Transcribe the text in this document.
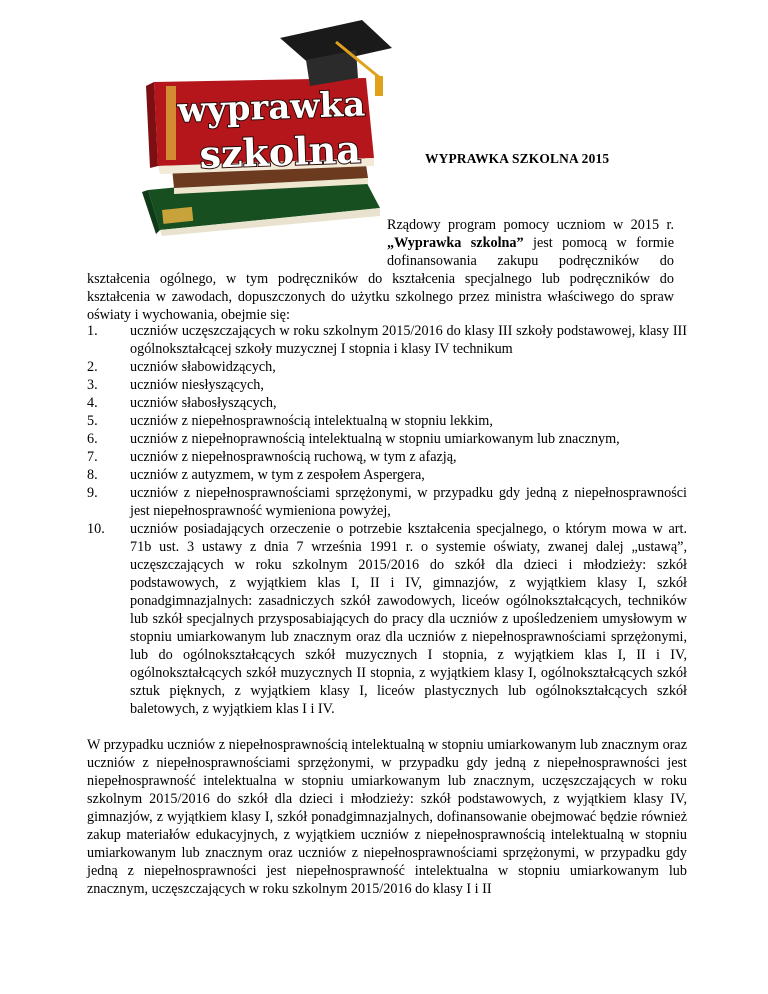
wyprawka
szkolna	WYPRAWKA SZKOLNA 2015

Rządowy program pomocy uczniom w 2015 r. „Wyprawka szkolna” jest pomocą w formie dofinansowania zakupu podręczników do kształcenia ogólnego, w tym podręczników do kształcenia specjalnego lub podręczników do kształcenia w zawodach, dopuszczonych do użytku szkolnego przez ministra właściwego do spraw oświaty i wychowania, obejmie się:

1.	uczniów uczęszczających w roku szkolnym 2015/2016 do klasy III szkoły podstawowej, klasy III ogólnokształcącej szkoły muzycznej I stopnia i klasy IV technikum
2.	uczniów słabowidzących,
3.	uczniów niesłyszących,
4.	uczniów słabosłyszących,
5.	uczniów z niepełnosprawnością intelektualną w stopniu lekkim,
6.	uczniów z niepełnoprawnością intelektualną w stopniu umiarkowanym lub znacznym,
7.	uczniów z niepełnosprawnością ruchową, w tym z afazją,
8.	uczniów z autyzmem, w tym z zespołem Aspergera,
9.	uczniów z niepełnosprawnościami sprzężonymi, w przypadku gdy jedną z niepełnosprawności jest niepełnosprawność wymieniona powyżej,
10.	uczniów posiadających orzeczenie o potrzebie kształcenia specjalnego, o którym mowa w art. 71b ust. 3 ustawy z dnia 7 września 1991 r. o systemie oświaty, zwanej dalej „ustawą”, uczęszczających w roku szkolnym 2015/2016 do szkół dla dzieci i młodzieży: szkół podstawowych, z wyjątkiem klas I, II i IV, gimnazjów, z wyjątkiem klasy I, szkół ponadgimnazjalnych: zasadniczych szkół zawodowych, liceów ogólnokształcących, techników lub szkół specjalnych przysposabiających do pracy dla uczniów z upośledzeniem umysłowym w stopniu umiarkowanym lub znacznym oraz dla uczniów z niepełnosprawnościami sprzężonymi, lub do ogólnokształcących szkół muzycznych I stopnia, z wyjątkiem klas I, II i IV, ogólnokształcących szkół muzycznych II stopnia, z wyjątkiem klasy I, ogólnokształcących szkół sztuk pięknych, z wyjątkiem klasy I, liceów plastycznych lub ogólnokształcących szkół baletowych, z wyjątkiem klas I i IV.

W przypadku uczniów z niepełnosprawnością intelektualną w stopniu umiarkowanym lub znacznym oraz uczniów z niepełnosprawnościami sprzężonymi, w przypadku gdy jedną z niepełnosprawności jest niepełnosprawność intelektualna w stopniu umiarkowanym lub znacznym, uczęszczających w roku szkolnym 2015/2016 do szkół dla dzieci i młodzieży: szkół podstawowych, z wyjątkiem klasy IV, gimnazjów, z wyjątkiem klasy I, szkół ponadgimnazjalnych, dofinansowanie obejmować będzie również zakup materiałów edukacyjnych, z wyjątkiem uczniów z niepełnosprawnością intelektualną w stopniu umiarkowanym lub znacznym oraz uczniów z niepełnosprawnościami sprzężonymi, w przypadku gdy jedną z niepełnosprawności jest niepełnosprawność intelektualna w stopniu umiarkowanym lub znacznym, uczęszczających w roku szkolnym 2015/2016 do klasy I i II
